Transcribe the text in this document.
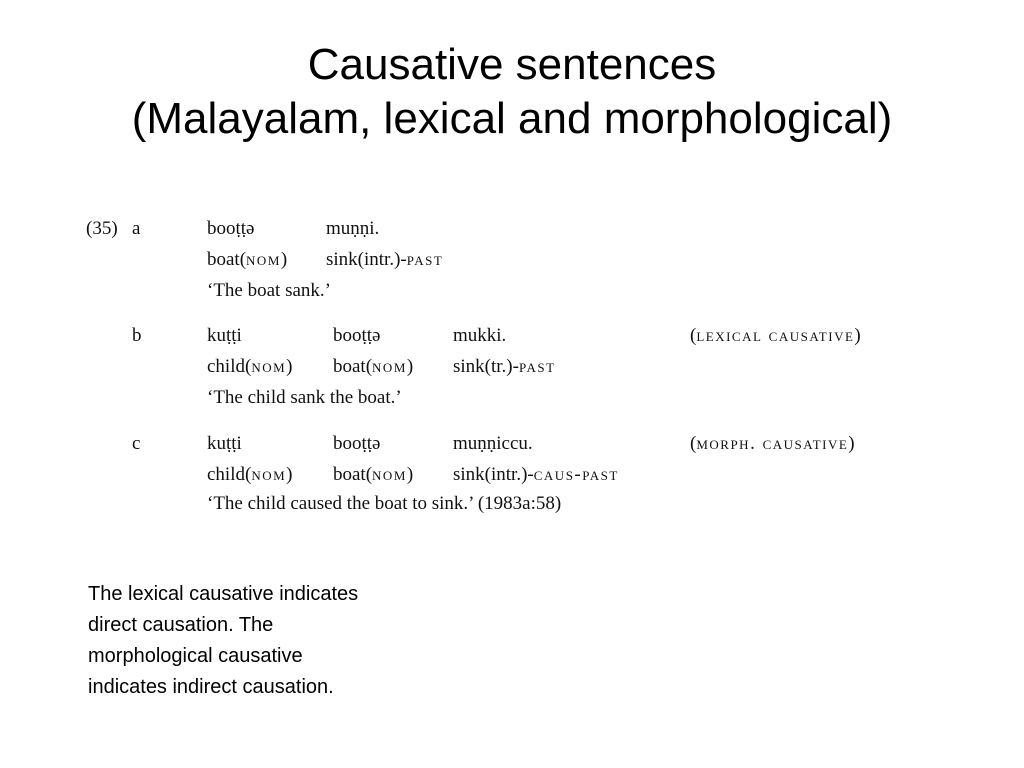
Causative sentences
(Malayalam, lexical and morphological)
(35) a	booṭṭə	muṇṇi.
boat(nom) sink(intr.)-past
‘The boat sank.’
b	kuṭṭi	booṭṭə	mukki.	(lexical causative)
child(nom) boat(nom) sink(tr.)-past
‘The child sank the boat.’
c	kuṭṭi	booṭṭə	muṇṇiccu.	(morph. causative)
child(nom) boat(nom) sink(intr.)-caus-past
‘The child caused the boat to sink.’ (1983a:58)
The lexical causative indicates
direct causation. The
morphological causative
indicates indirect causation.
